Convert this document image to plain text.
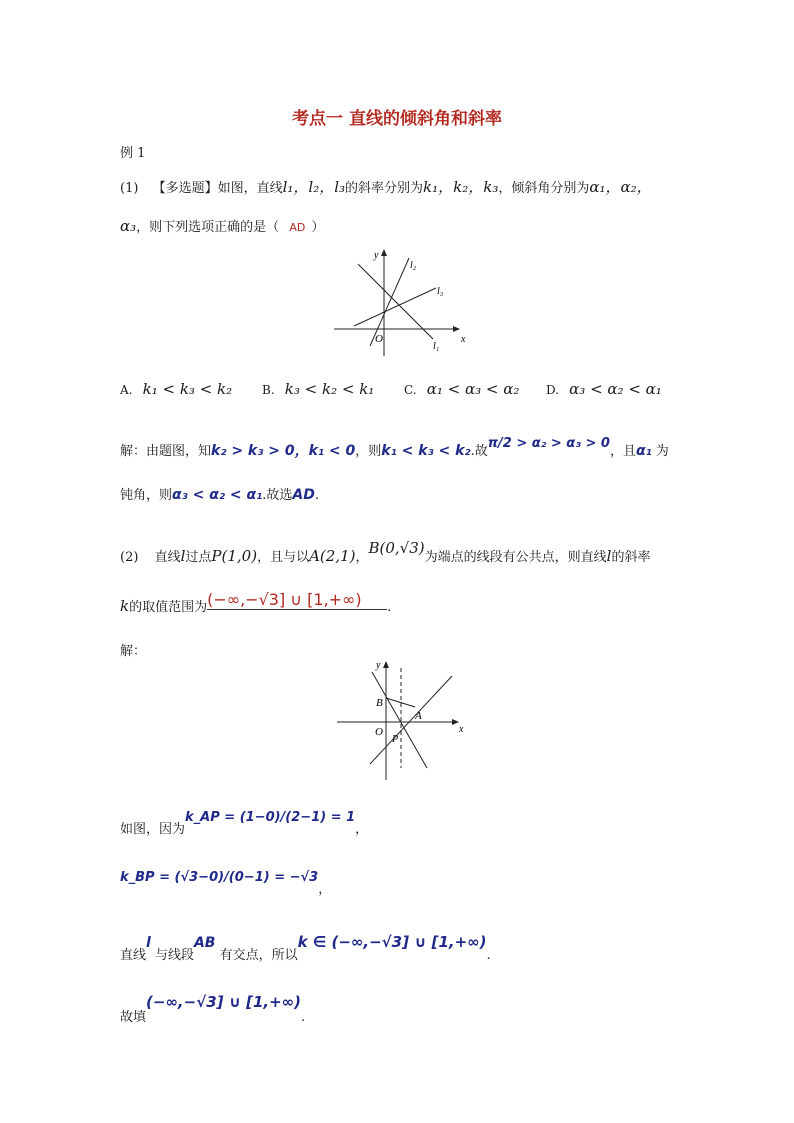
考点一 直线的倾斜角和斜率
例 1
(1) 【多选题】如图，直线l₁，l₂，l₃的斜率分别为k₁，k₂，k₃，倾斜角分别为α₁，α₂，
α₃，则下列选项正确的是（ AD ）
x
y
O
l₁
l₂
l₃
A. k₁ < k₃ < k₂ B. k₃ < k₂ < k₁ C. α₁ < α₃ < α₂ D. α₃ < α₂ < α₁
解：由题图，知k₂ > k₃ > 0，k₁ < 0，则k₁ < k₃ < k₂.故π/2 > α₂ > α₃ > 0，且α₁ 为
钝角，则α₃ < α₂ < α₁.故选AD.
(2) 直线l过点P(1,0)，且与以A(2,1)，B(0,√3)为端点的线段有公共点，则直线l的斜率
k的取值范围为(−∞,−√3] ∪ [1,+∞) .
解：
x
y
O
B
A
P
如图，因为k_AP = (1−0)/(2−1) = 1，
k_BP = (√3−0)/(0−1) = −√3，
直线l 与线段AB 有交点，所以k ∈ (−∞,−√3] ∪ [1,+∞).
故填(−∞,−√3] ∪ [1,+∞).
